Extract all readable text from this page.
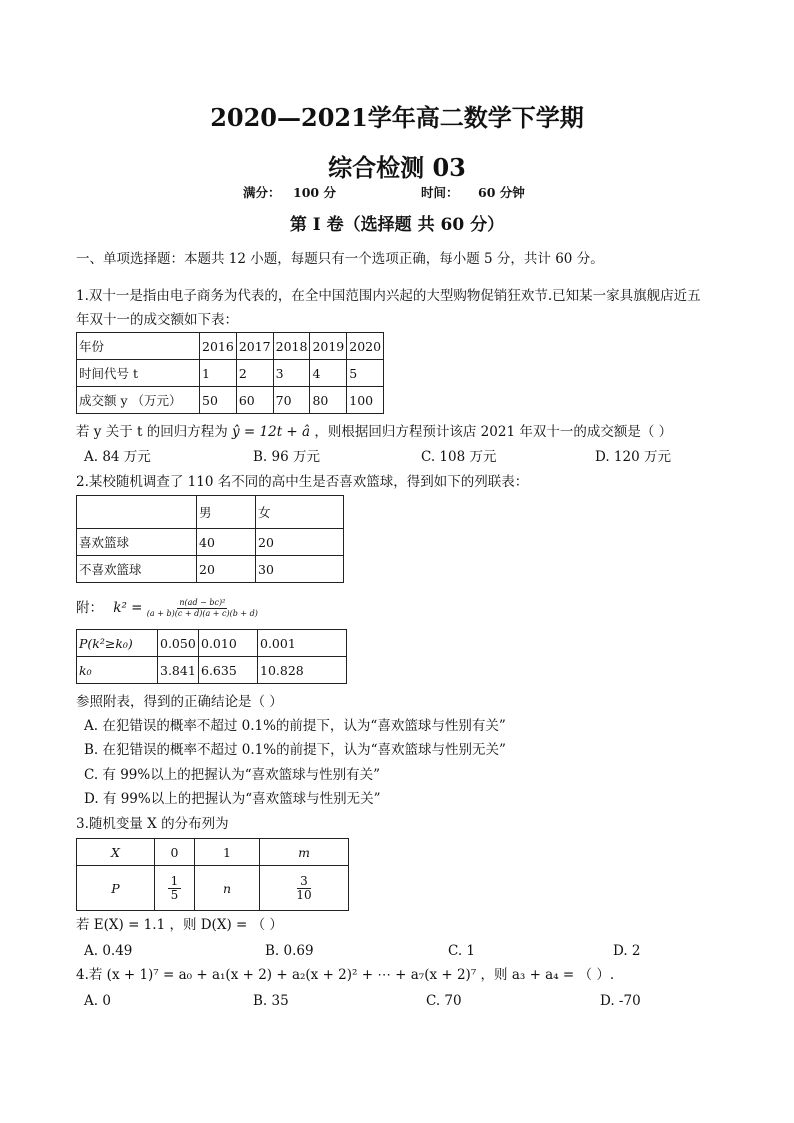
2020—2021学年高二数学下学期
综合检测 03
满分： 100 分	时间： 60 分钟
第 I 卷（选择题 共 60 分）
一、单项选择题：本题共 12 小题，每题只有一个选项正确，每小题 5 分，共计 60 分。
1.双十一是指由电子商务为代表的，在全中国范围内兴起的大型购物促销狂欢节.已知某一家具旗舰店近五
年双十一的成交额如下表：
年份	2016	2017	2018	2019	2020
时间代号 t	1	2	3	4	5
成交额 y （万元）	50	60	70	80	100
若 y 关于 t 的回归方程为 ŷ = 12t + â ，则根据回归方程预计该店 2021 年双十一的成交额是（ ）
A. 84 万元	B. 96 万元	C. 108 万元	D. 120 万元
2.某校随机调查了 110 名不同的高中生是否喜欢篮球，得到如下的列联表：
	男	女
喜欢篮球	40	20
不喜欢篮球	20	30
附： $k^2 = \frac{\text{n(ad − bc)²}}{(a + b)(c + d)(a + c)(b + d)}$
P(k²≥k₀)	0.050	0.010	0.001
k₀	3.841	6.635	10.828
参照附表，得到的正确结论是（ ）
A. 在犯错误的概率不超过 0.1%的前提下，认为“喜欢篮球与性别有关”
B. 在犯错误的概率不超过 0.1%的前提下，认为“喜欢篮球与性别无关”
C. 有 99%以上的把握认为“喜欢篮球与性别有关”
D. 有 99%以上的把握认为“喜欢篮球与性别无关”
3.随机变量 X 的分布列为
X	0	1	m
P	$\frac{1}{5}$	n	$\frac{3}{10}$
若 E(X) = 1.1 ，则 D(X) = （ ）
A. 0.49	B. 0.69	C. 1	D. 2
4.若 (x + 1)⁷ = a₀ + a₁(x + 2) + a₂(x + 2)² + ⋯ + a₇(x + 2)⁷ ，则 a₃ + a₄ = （ ）.
A. 0	B. 35	C. 70	D. -70
